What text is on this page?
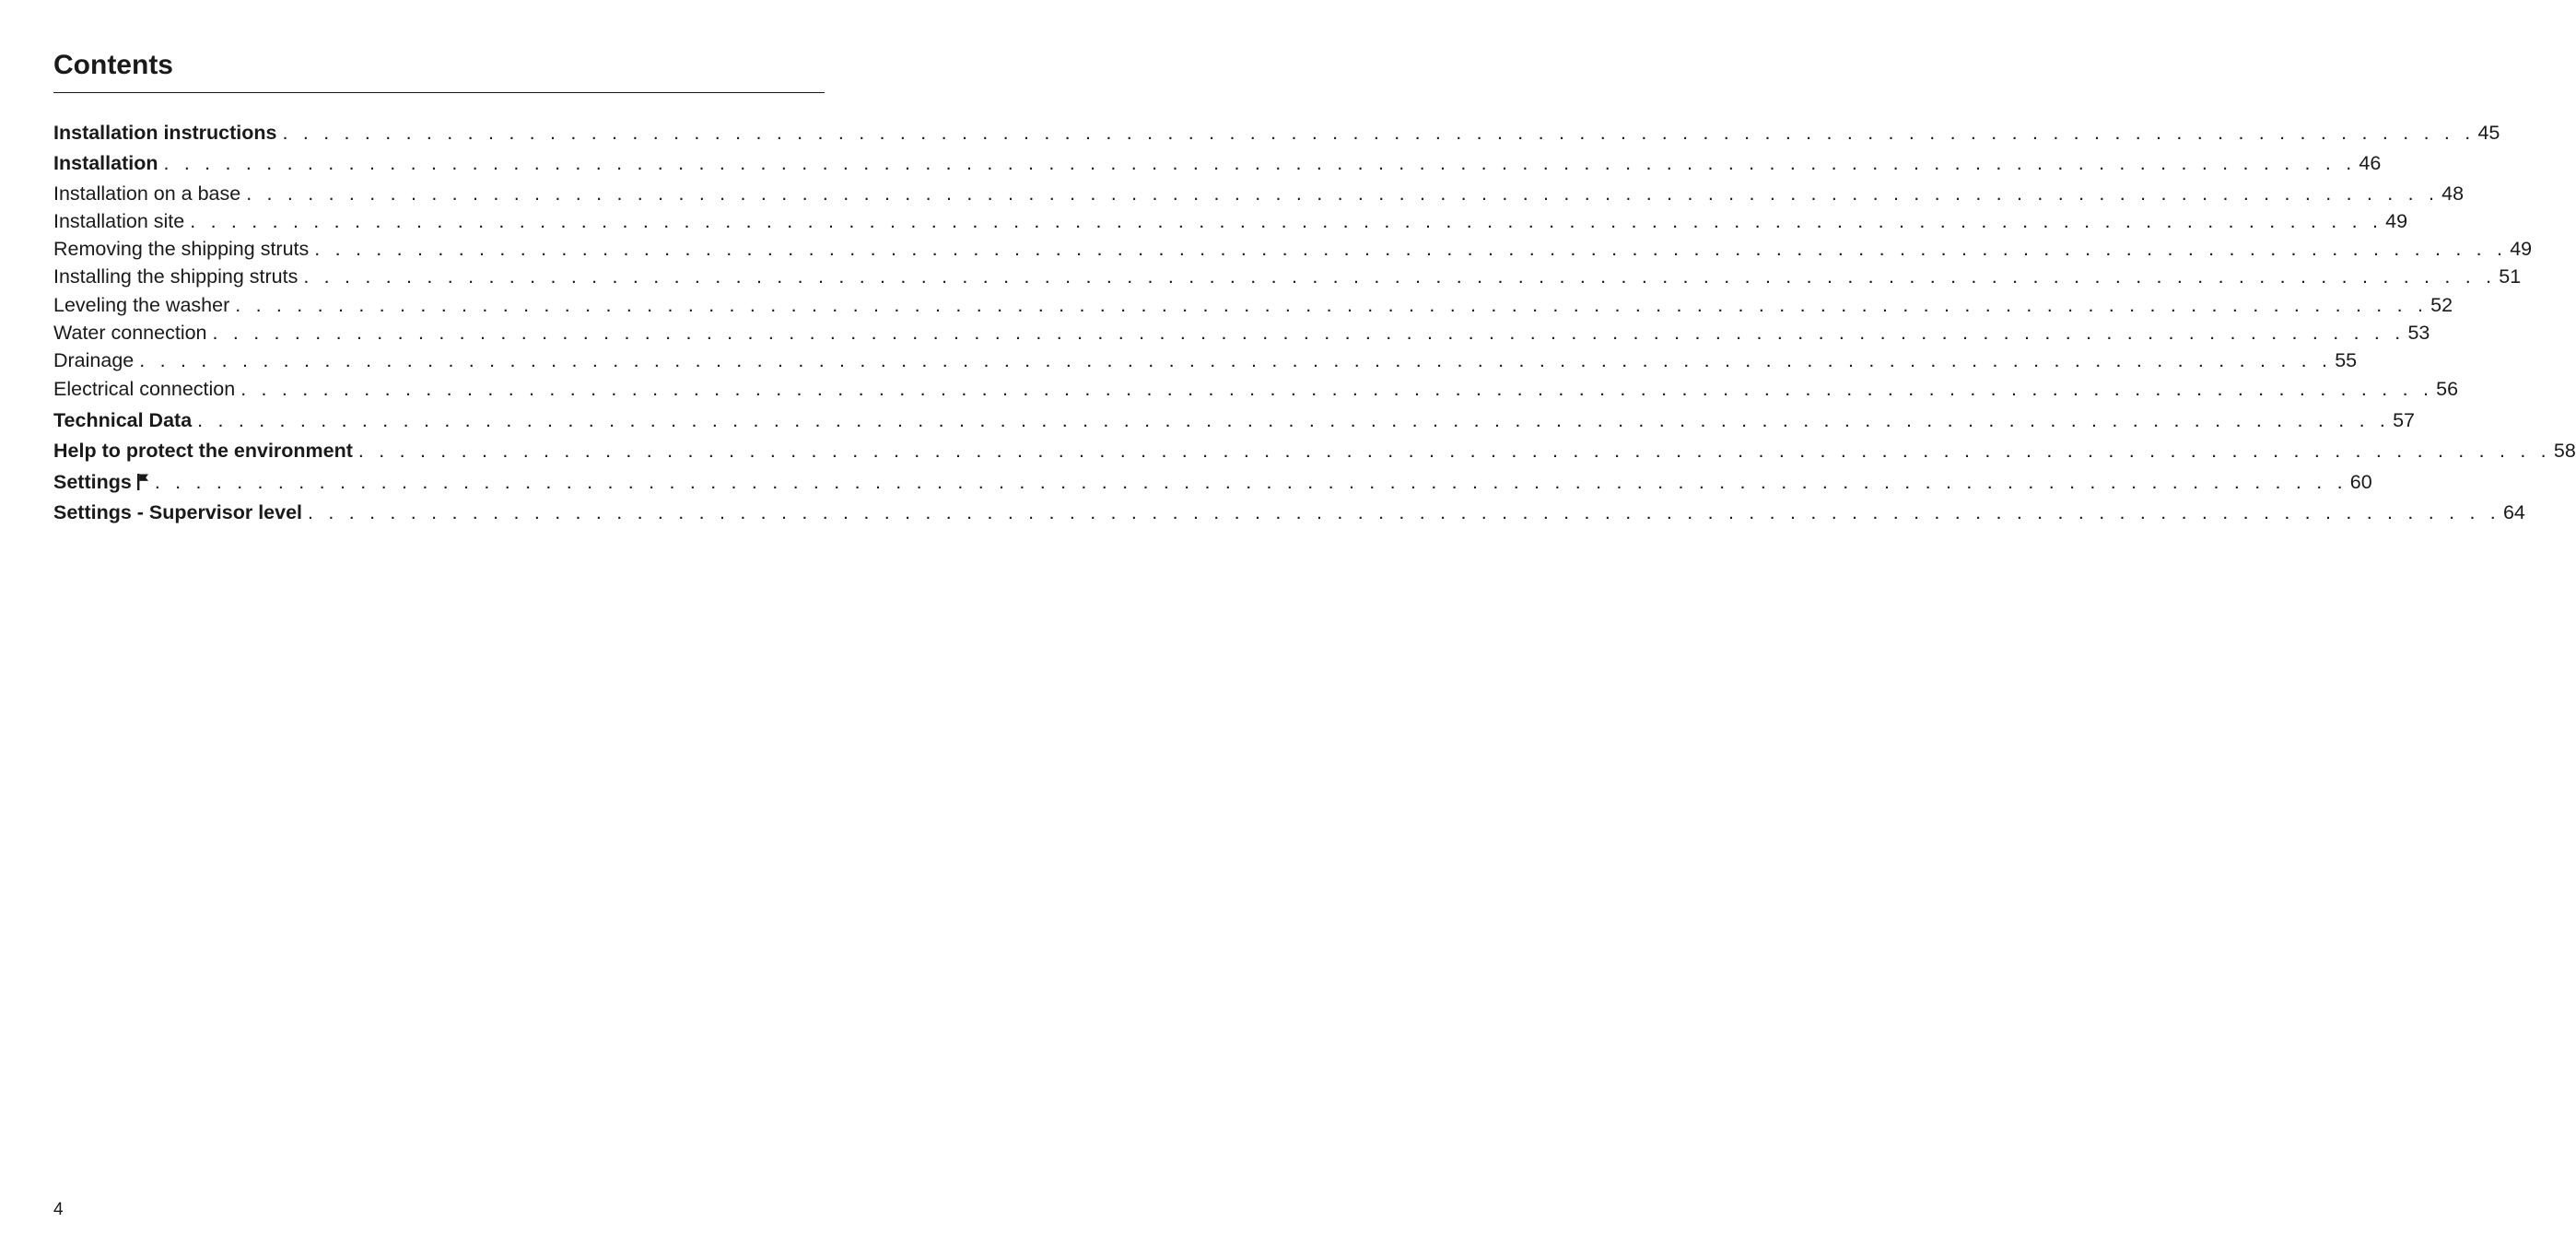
Contents
Installation instructions . . . . . . . . . . . . . . . . . . . . . . . . . . . . . . . . . . . . . . . . . . . . . . . . . . . . . . . . . . . . . . . . . . . . . . . . . . . . . . . . . . . . . . . . . . . . . . . . . . . . . . . . . . . 45
Installation . . . . . . . . . . . . . . . . . . . . . . . . . . . . . . . . . . . . . . . . . . . . . . . . . . . . . . . . . . . . . . . . . . . . . . . . . . . . . . . . . . . . . . . . . . . . . . . . . . . . . . . . . . . 46
Installation on a base . . . . . . . . . . . . . . . . . . . . . . . . . . . . . . . . . . . . . . . . . . . . . . . . . . . . . . . . . . . . . . . . . . . . . . . . . . . . . . . . . . . . . . . . . . . . . . . . . . . . . . . . . . . 48
Installation site . . . . . . . . . . . . . . . . . . . . . . . . . . . . . . . . . . . . . . . . . . . . . . . . . . . . . . . . . . . . . . . . . . . . . . . . . . . . . . . . . . . . . . . . . . . . . . . . . . . . . . . . . . . 49
Removing the shipping struts . . . . . . . . . . . . . . . . . . . . . . . . . . . . . . . . . . . . . . . . . . . . . . . . . . . . . . . . . . . . . . . . . . . . . . . . . . . . . . . . . . . . . . . . . . . . . . . . . . . . . . . . . . . 49
Installing the shipping struts . . . . . . . . . . . . . . . . . . . . . . . . . . . . . . . . . . . . . . . . . . . . . . . . . . . . . . . . . . . . . . . . . . . . . . . . . . . . . . . . . . . . . . . . . . . . . . . . . . . . . . . . . . . 51
Leveling the washer . . . . . . . . . . . . . . . . . . . . . . . . . . . . . . . . . . . . . . . . . . . . . . . . . . . . . . . . . . . . . . . . . . . . . . . . . . . . . . . . . . . . . . . . . . . . . . . . . . . . . . . . . . . 52
Water connection . . . . . . . . . . . . . . . . . . . . . . . . . . . . . . . . . . . . . . . . . . . . . . . . . . . . . . . . . . . . . . . . . . . . . . . . . . . . . . . . . . . . . . . . . . . . . . . . . . . . . . . . . . . 53
Drainage . . . . . . . . . . . . . . . . . . . . . . . . . . . . . . . . . . . . . . . . . . . . . . . . . . . . . . . . . . . . . . . . . . . . . . . . . . . . . . . . . . . . . . . . . . . . . . . . . . . . . . . . . . . 55
Electrical connection . . . . . . . . . . . . . . . . . . . . . . . . . . . . . . . . . . . . . . . . . . . . . . . . . . . . . . . . . . . . . . . . . . . . . . . . . . . . . . . . . . . . . . . . . . . . . . . . . . . . . . . . . . . 56
Technical Data . . . . . . . . . . . . . . . . . . . . . . . . . . . . . . . . . . . . . . . . . . . . . . . . . . . . . . . . . . . . . . . . . . . . . . . . . . . . . . . . . . . . . . . . . . . . . . . . . . . . . . . . . . . 57
Help to protect the environment . . . . . . . . . . . . . . . . . . . . . . . . . . . . . . . . . . . . . . . . . . . . . . . . . . . . . . . . . . . . . . . . . . . . . . . . . . . . . . . . . . . . . . . . . . . . . . . . . . . . . . . . . . . 58
Settings	. . . . . . . . . . . . . . . . . . . . . . . . . . . . . . . . . . . . . . . . . . . . . . . . . . . . . . . . . . . . . . . . . . . . . . . . . . . . . . . . . . . . . . . . . . . . . . . . . . . . . . . . . . . 60
Settings - Supervisor level . . . . . . . . . . . . . . . . . . . . . . . . . . . . . . . . . . . . . . . . . . . . . . . . . . . . . . . . . . . . . . . . . . . . . . . . . . . . . . . . . . . . . . . . . . . . . . . . . . . . . . . . . . . 64
4
